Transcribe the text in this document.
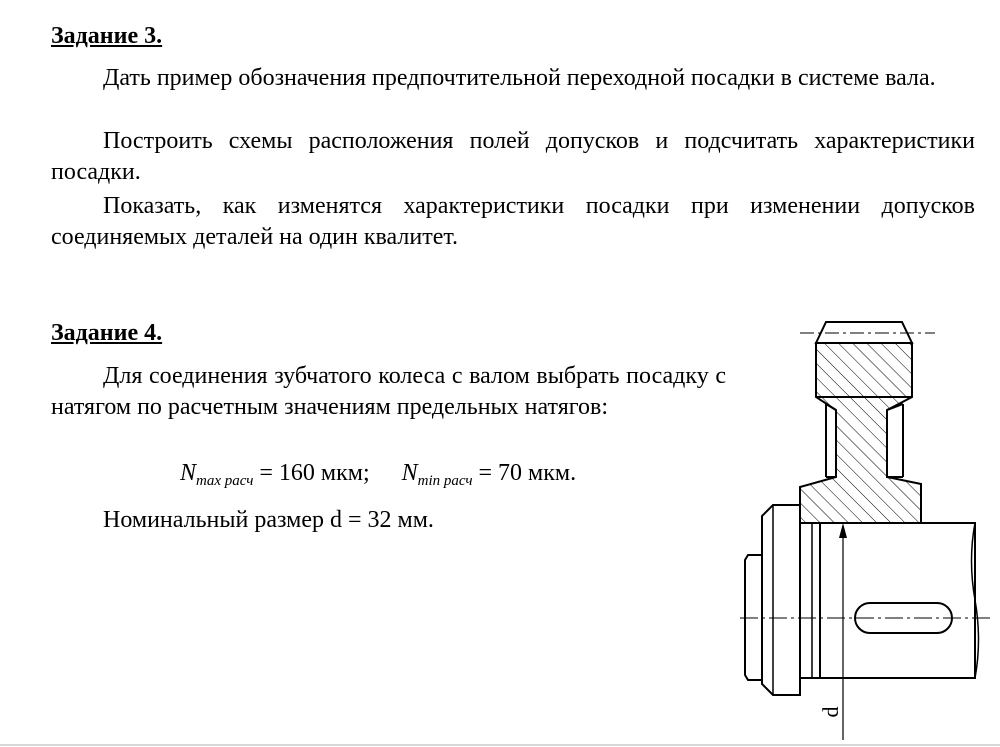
Задание 3.

Дать пример обозначения предпочтительной переходной посадки в системе вала.

Построить схемы расположения полей допусков и подсчитать характеристики посадки.

Показать, как изменятся характеристики посадки при изменении допусков соединяемых деталей на один квалитет.

Задание 4.

Для соединения зубчатого колеса с валом выбрать посадку с натягом по расчетным значениям предельных натягов:

$N_{max расч} = 160$ мкм; $N_{min расч} = 70$ мкм.
Номинальный размер d = 32 мм.
d
